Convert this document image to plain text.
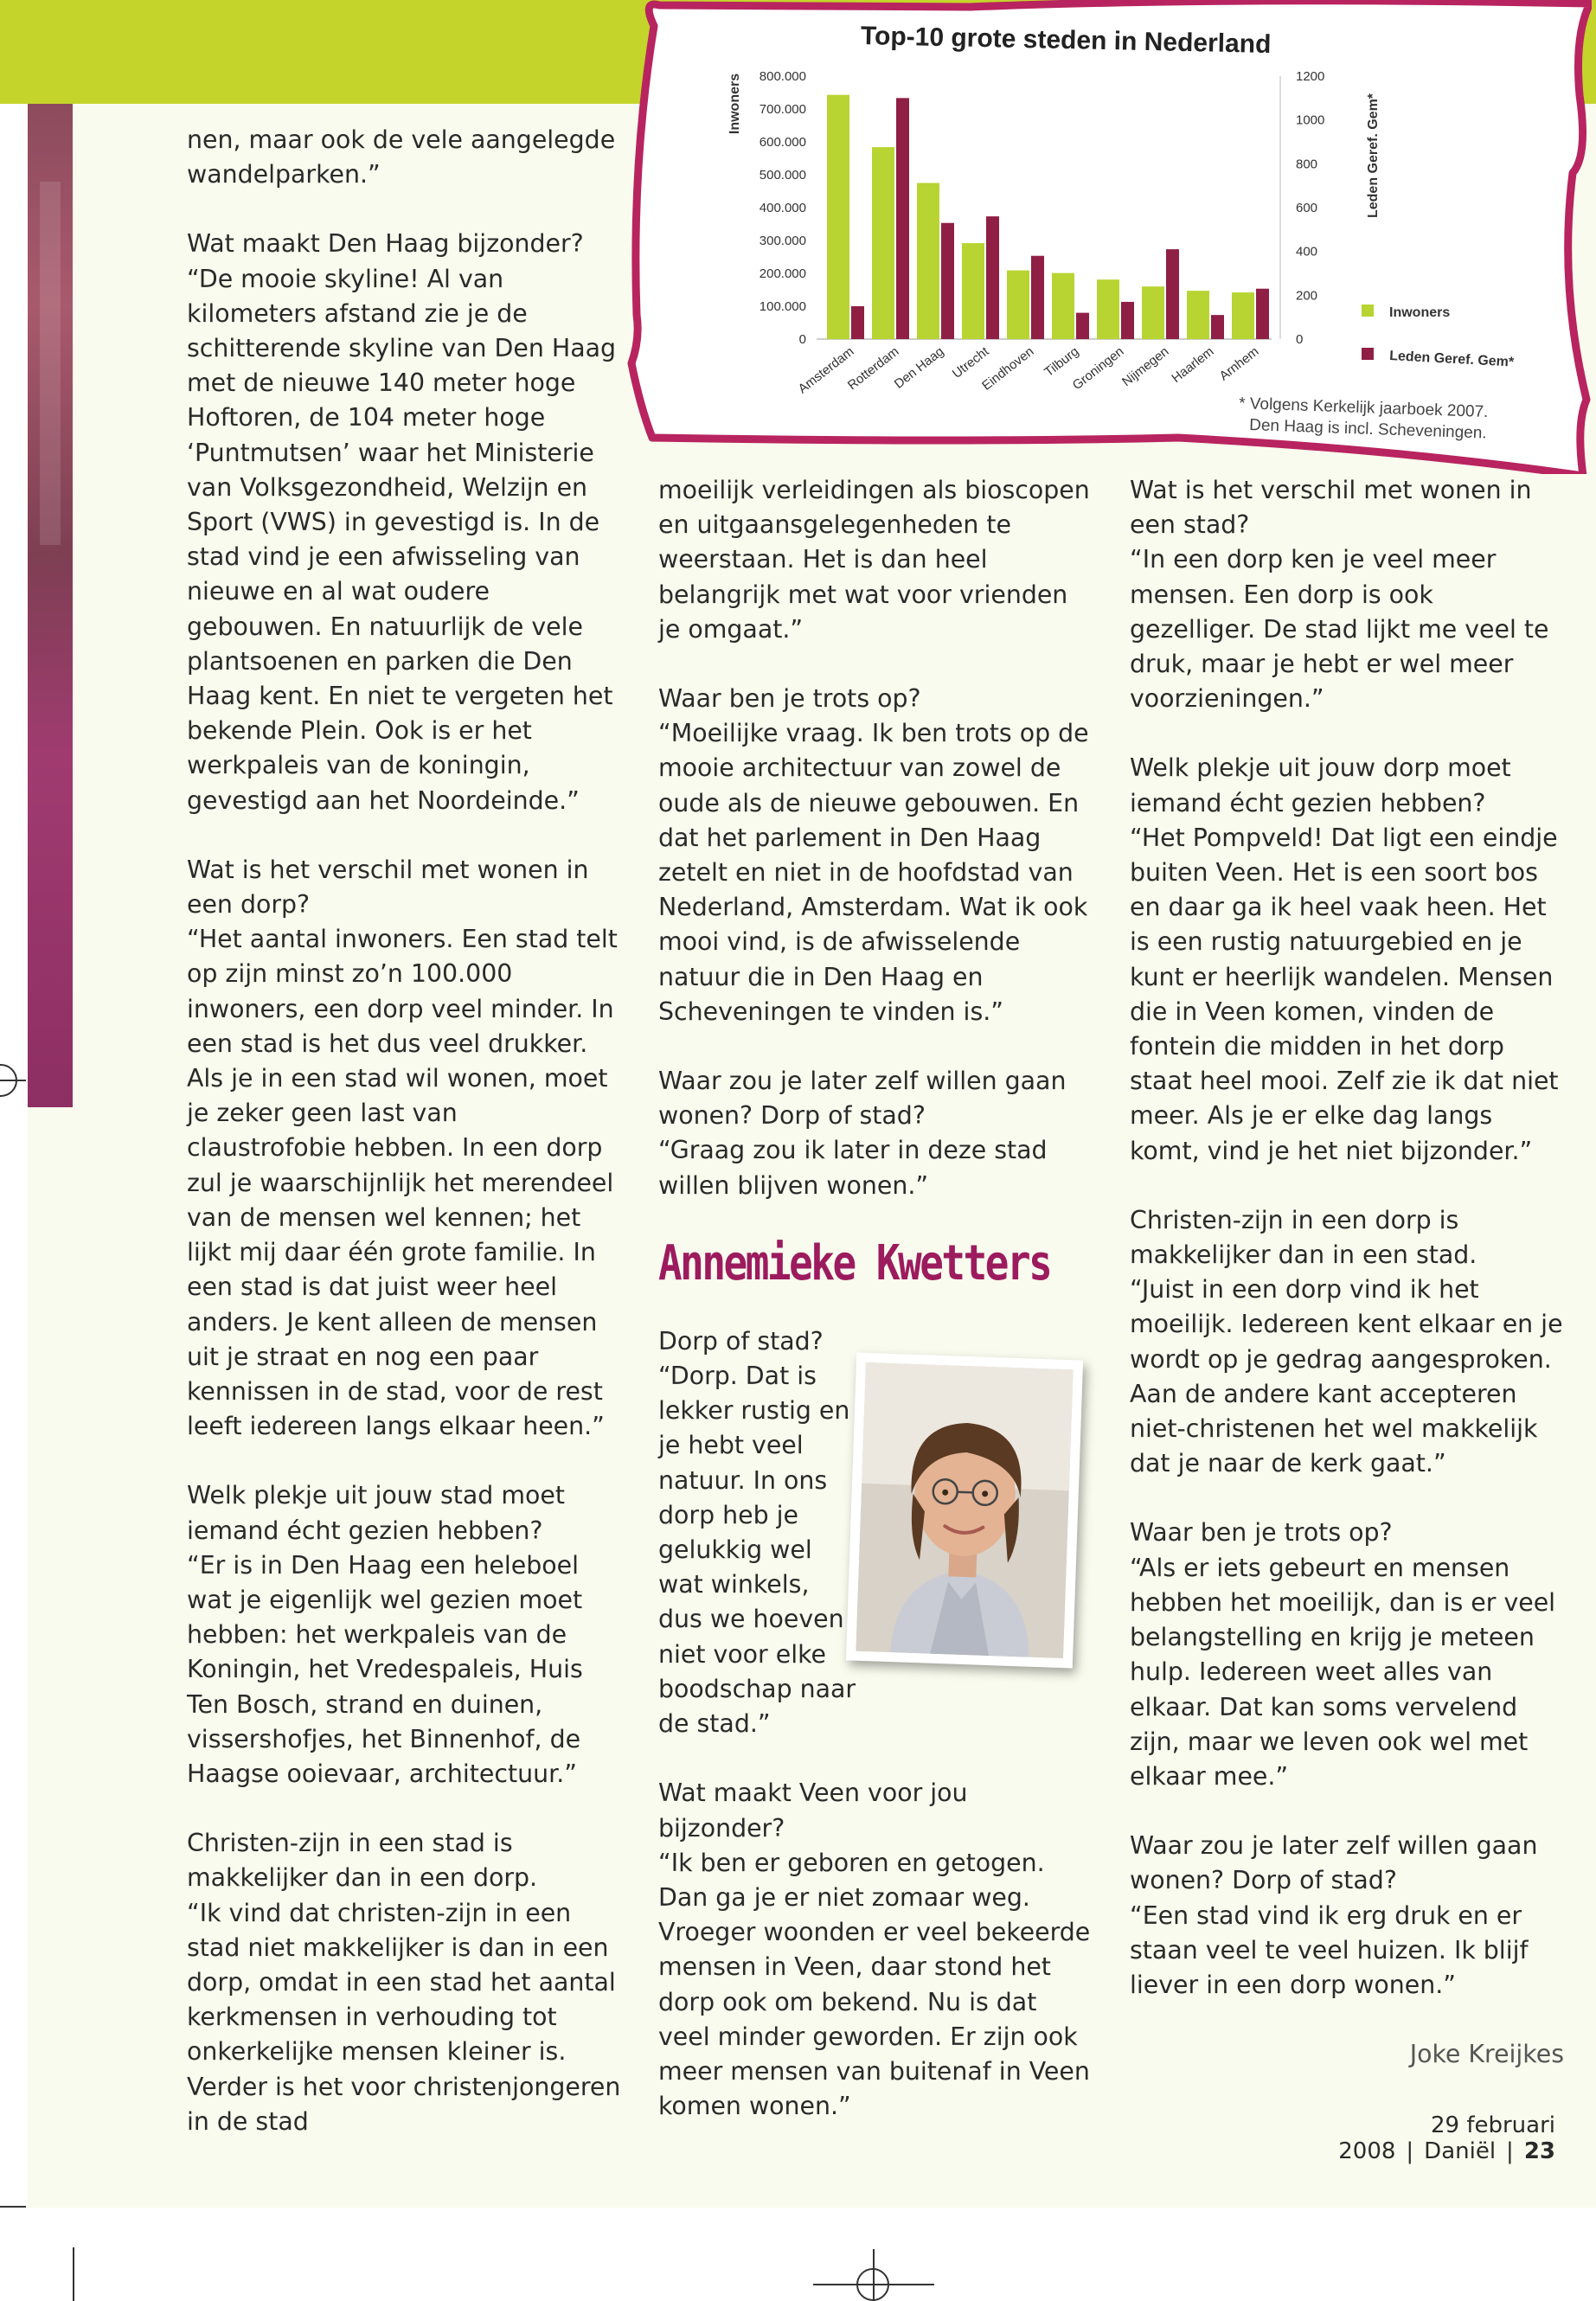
Top-10 grote steden in Nederland
0
100.000
200.000
300.000
400.000
500.000
600.000
700.000
800.000
Inwoners
0
200
400
600
800
1000
1200
Leden Geref. Gem*
Amsterdam
Rotterdam
Den Haag Utrecht
Eindhoven Tilburg
Groningen
Nijmegen
Haarlem Arnhem
Inwoners
Leden Geref. Gem*
* Volgens Kerkelijk jaarboek 2007.
Den Haag is incl. Scheveningen.

nen, maar ook de vele aangelegde wandelparken.”

Wat maakt Den Haag bijzonder?
“De mooie skyline! Al van kilometers afstand zie je de schitterende skyline van Den Haag met de nieuwe 140 meter hoge Hoftoren, de 104 meter hoge ‘Puntmutsen’ waar het Ministerie van Volksgezondheid, Welzijn en Sport (VWS) in gevestigd is. In de stad vind je een afwisseling van nieuwe en al wat oudere gebouwen. En natuurlijk de vele plantsoenen en parken die Den Haag kent. En niet te vergeten het bekende Plein. Ook is er het werkpaleis van de koningin, gevestigd aan het Noordeinde.”

Wat is het verschil met wonen in een dorp?
“Het aantal inwoners. Een stad telt op zijn minst zo’n 100.000 inwoners, een dorp veel minder. In een stad is het dus veel drukker. Als je in een stad wil wonen, moet je zeker geen last van claustrofobie hebben. In een dorp zul je waarschijnlijk het merendeel van de mensen wel kennen; het lijkt mij daar één grote familie. In een stad is dat juist weer heel anders. Je kent alleen de mensen uit je straat en nog een paar kennissen in de stad, voor de rest leeft iedereen langs elkaar heen.”

Welk plekje uit jouw stad moet iemand écht gezien hebben?
“Er is in Den Haag een heleboel wat je eigenlijk wel gezien moet hebben: het werkpaleis van de Koningin, het Vredespaleis, Huis Ten Bosch, strand en duinen, vissershofjes, het Binnenhof, de Haagse ooievaar, architectuur.”

Christen-zijn in een stad is makkelijker dan in een dorp.
“Ik vind dat christen-zijn in een stad niet makkelijker is dan in een dorp, omdat in een stad het aantal kerkmensen in verhouding tot onkerkelijke mensen kleiner is. Verder is het voor christenjongeren in de stad

moeilijk verleidingen als bioscopen en uitgaansgelegenheden te weerstaan. Het is dan heel belangrijk met wat voor vrienden je omgaat.”

Waar ben je trots op?
“Moeilijke vraag. Ik ben trots op de mooie architectuur van zowel de oude als de nieuwe gebouwen. En dat het parlement in Den Haag zetelt en niet in de hoofdstad van Nederland, Amsterdam. Wat ik ook mooi vind, is de afwisselende natuur die in Den Haag en Scheveningen te vinden is.”

Waar zou je later zelf willen gaan wonen? Dorp of stad?
“Graag zou ik later in deze stad willen blijven wonen.”

Annemieke Kwetters

Dorp of stad?
“Dorp. Dat is lekker rustig en je hebt veel natuur. In ons dorp heb je gelukkig wel wat winkels, dus we hoeven niet voor elke boodschap naar de stad.”

Wat maakt Veen voor jou bijzonder?
“Ik ben er geboren en getogen. Dan ga je er niet zomaar weg. Vroeger woonden er veel bekeerde mensen in Veen, daar stond het dorp ook om bekend. Nu is dat veel minder geworden. Er zijn ook meer mensen van buitenaf in Veen komen wonen.”

Wat is het verschil met wonen in een stad?
“In een dorp ken je veel meer mensen. Een dorp is ook gezelliger. De stad lijkt me veel te druk, maar je hebt er wel meer voorzieningen.”

Welk plekje uit jouw dorp moet iemand écht gezien hebben?
“Het Pompveld! Dat ligt een eindje buiten Veen. Het is een soort bos en daar ga ik heel vaak heen. Het is een rustig natuurgebied en je kunt er heerlijk wandelen. Mensen die in Veen komen, vinden de fontein die midden in het dorp staat heel mooi. Zelf zie ik dat niet meer. Als je er elke dag langs komt, vind je het niet bijzonder.”

Christen-zijn in een dorp is makkelijker dan in een stad.
“Juist in een dorp vind ik het moeilijk. Iedereen kent elkaar en je wordt op je gedrag aangesproken. Aan de andere kant accepteren niet-christenen het wel makkelijk dat je naar de kerk gaat.”

Waar ben je trots op?
“Als er iets gebeurt en mensen hebben het moeilijk, dan is er veel belangstelling en krijg je meteen hulp. Iedereen weet alles van elkaar. Dat kan soms vervelend zijn, maar we leven ook wel met elkaar mee.”

Waar zou je later zelf willen gaan wonen? Dorp of stad?
“Een stad vind ik erg druk en er staan veel te veel huizen. Ik blijf liever in een dorp wonen.”

Joke Kreijkes
29 februari 2008 | Daniël | 23
